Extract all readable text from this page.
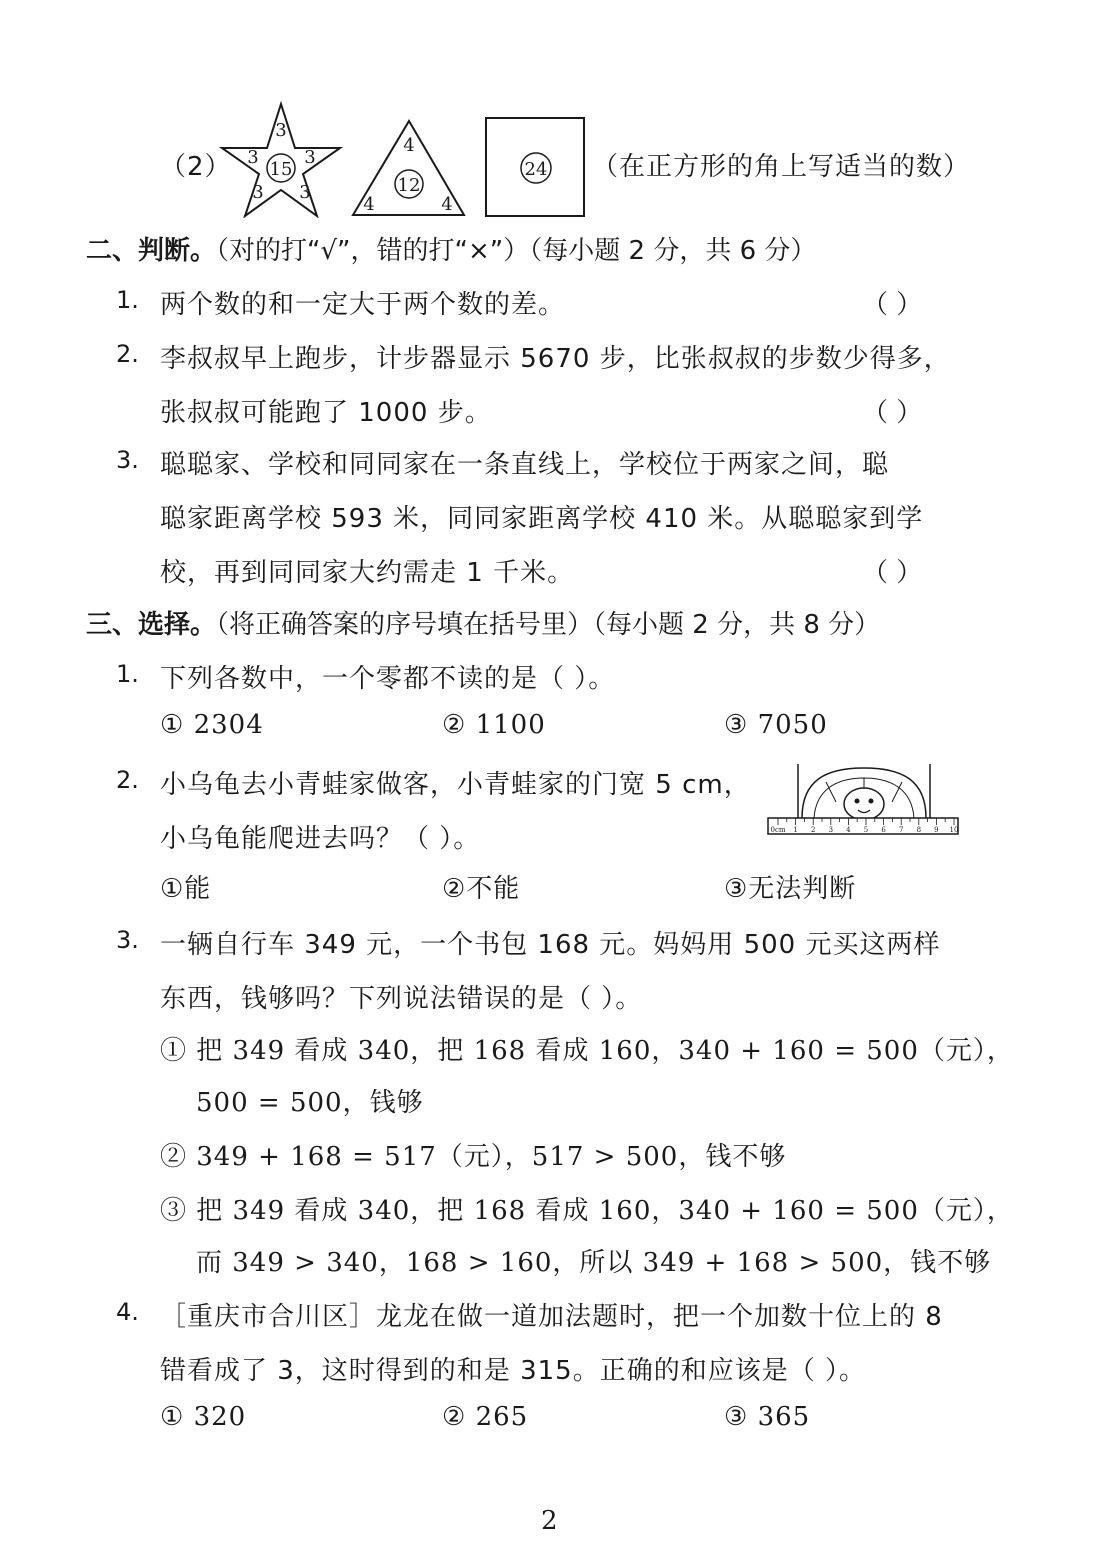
（2） 15
3
3	3
3 3	12
4
4	4
24 （在正方形的角上写适当的数）
二、判断。（对的打“√”，错的打“×”）（每小题 2 分，共 6 分）
1. 两个数的和一定大于两个数的差。	（ ）
2. 李叔叔早上跑步，计步器显示 5670 步，比张叔叔的步数少得多，
张叔叔可能跑了 1000 步。	（ ）
3. 聪聪家、学校和同同家在一条直线上，学校位于两家之间，聪
聪家距离学校 593 米，同同家距离学校 410 米。从聪聪家到学
校，再到同同家大约需走 1 千米。	（ ）
三、选择。（将正确答案的序号填在括号里）（每小题 2 分，共 8 分）
1. 下列各数中，一个零都不读的是（ ）。
① 2304	② 1100	③ 7050
2. 小乌龟去小青蛙家做客，小青蛙家的门宽 5 cm，
小乌龟能爬进去吗？（ ）。	0cm 1 2 3 4 5 6 7 8 9 10
①能	②不能	③无法判断
3. 一辆自行车 349 元，一个书包 168 元。妈妈用 500 元买这两样
东西，钱够吗？下列说法错误的是（ ）。
① 把 349 看成 340，把 168 看成 160，340 + 160 = 500（元），
500 = 500，钱够
② 349 + 168 = 517（元），517 > 500，钱不够
③ 把 349 看成 340，把 168 看成 160，340 + 160 = 500（元），
而 349 > 340，168 > 160，所以 349 + 168 > 500，钱不够
4. ［重庆市合川区］龙龙在做一道加法题时，把一个加数十位上的 8
错看成了 3，这时得到的和是 315。正确的和应该是（ ）。
① 320	② 265	③ 365
2
